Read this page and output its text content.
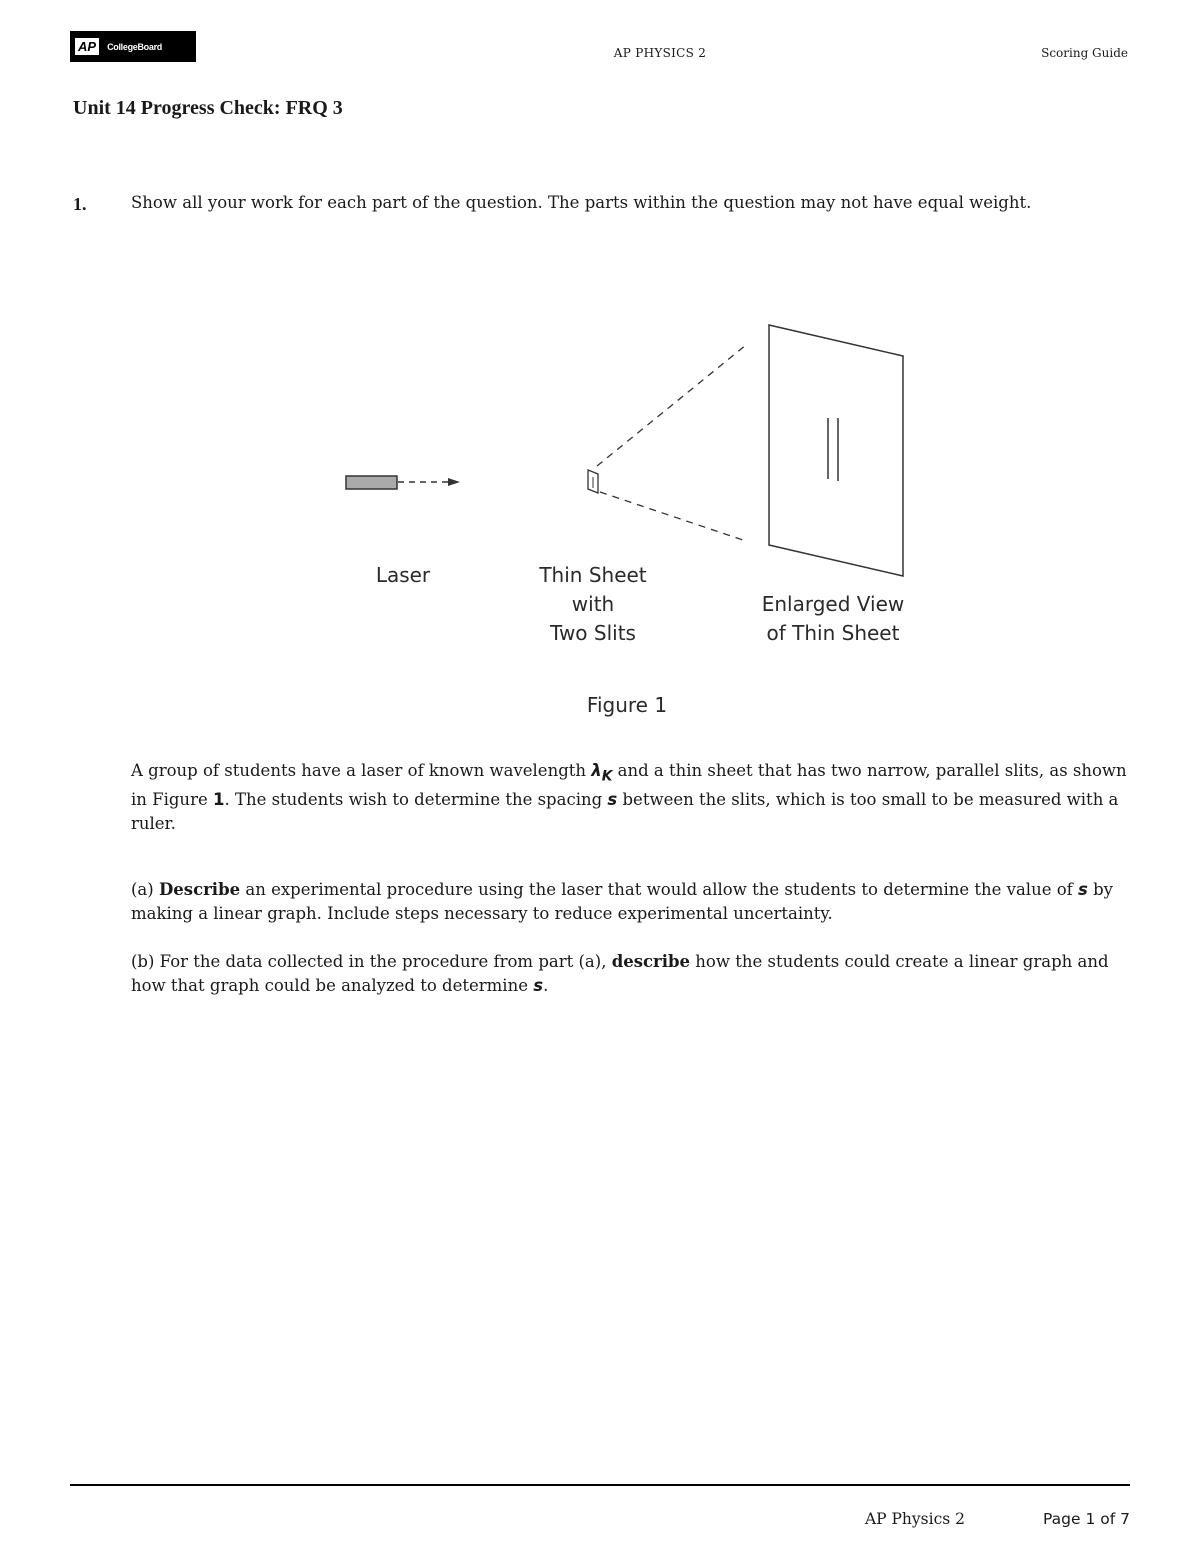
AP	CollegeBoard	AP PHYSICS 2	Scoring Guide
Unit 14 Progress Check: FRQ 3
1.	Show all your work for each part of the question. The parts within the question may not have equal weight.
Laser	Thin Sheet
with
Two Slits
Enlarged View
of Thin Sheet
Figure 1
A group of students have a laser of known wavelength $\lambda_K$ and a thin sheet that has two narrow, parallel slits, as shown in Figure 1. The students wish to determine the spacing s between the slits, which is too small to be measured with a ruler.
(a) Describe an experimental procedure using the laser that would allow the students to determine the value of s by making a linear graph. Include steps necessary to reduce experimental uncertainty.
(b) For the data collected in the procedure from part (a), describe how the students could create a linear graph and how that graph could be analyzed to determine s.
AP Physics 2	Page 1 of 7
